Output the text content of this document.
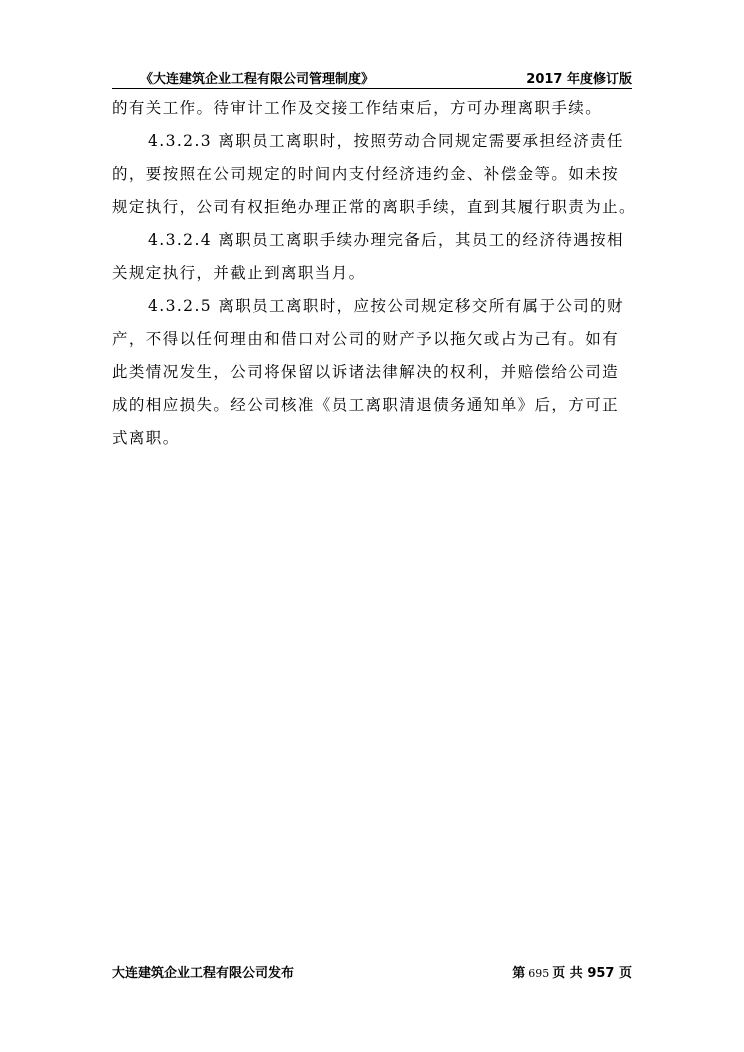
《大连建筑企业工程有限公司管理制度》	2017 年度修订版
的有关工作。待审计工作及交接工作结束后，方可办理离职手续。
4.3.2.3 离职员工离职时，按照劳动合同规定需要承担经济责任
的，要按照在公司规定的时间内支付经济违约金、补偿金等。如未按
规定执行，公司有权拒绝办理正常的离职手续，直到其履行职责为止。
4.3.2.4 离职员工离职手续办理完备后，其员工的经济待遇按相
关规定执行，并截止到离职当月。
4.3.2.5 离职员工离职时，应按公司规定移交所有属于公司的财
产，不得以任何理由和借口对公司的财产予以拖欠或占为己有。如有
此类情况发生，公司将保留以诉诸法律解决的权利，并赔偿给公司造
成的相应损失。经公司核准《员工离职清退债务通知单》后，方可正
式离职。
大连建筑企业工程有限公司发布	第 695 页 共 957 页
